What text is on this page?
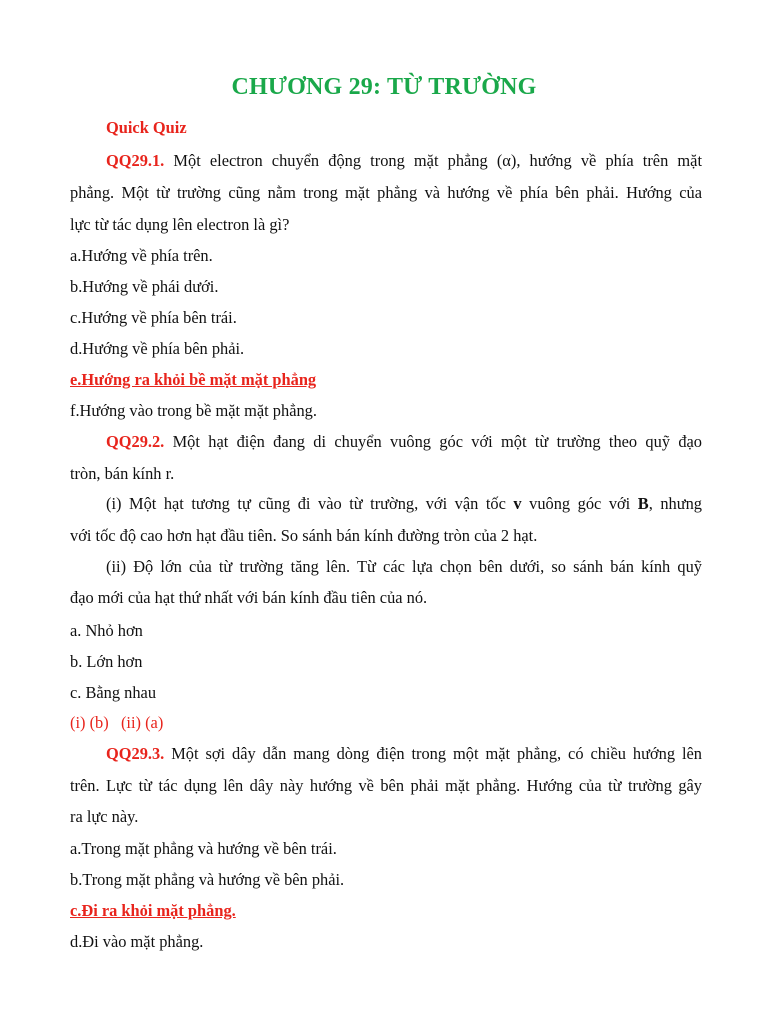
CHƯƠNG 29: TỪ TRƯỜNG
Quick Quiz
QQ29.1. Một electron chuyển động trong mặt phẳng (α), hướng về phía trên mặt
phẳng. Một từ trường cũng nằm trong mặt phẳng và hướng về phía bên phải. Hướng của
lực từ tác dụng lên electron là gì?
a.Hướng về phía trên.
b.Hướng về phái dưới.
c.Hướng về phía bên trái.
d.Hướng về phía bên phải.
e.Hướng ra khỏi bề mặt mặt phẳng
f.Hướng vào trong bề mặt mặt phẳng.
QQ29.2. Một hạt điện đang di chuyển vuông góc với một từ trường theo quỹ đạo
tròn, bán kính r.
(i) Một hạt tương tự cũng đi vào từ trường, với vận tốc v vuông góc với B, nhưng
với tốc độ cao hơn hạt đầu tiên. So sánh bán kính đường tròn của 2 hạt.
(ii) Độ lớn của từ trường tăng lên. Từ các lựa chọn bên dưới, so sánh bán kính quỹ
đạo mới của hạt thứ nhất với bán kính đầu tiên của nó.
a. Nhỏ hơn
b. Lớn hơn
c. Bằng nhau
(i) (b)   (ii) (a)
QQ29.3. Một sợi dây dẫn mang dòng điện trong một mặt phẳng, có chiều hướng lên
trên. Lực từ tác dụng lên dây này hướng về bên phải mặt phẳng. Hướng của từ trường gây
ra lực này.
a.Trong mặt phẳng và hướng về bên trái.
b.Trong mặt phẳng và hướng về bên phải.
c.Đi ra khỏi mặt phẳng.
d.Đi vào mặt phẳng.
